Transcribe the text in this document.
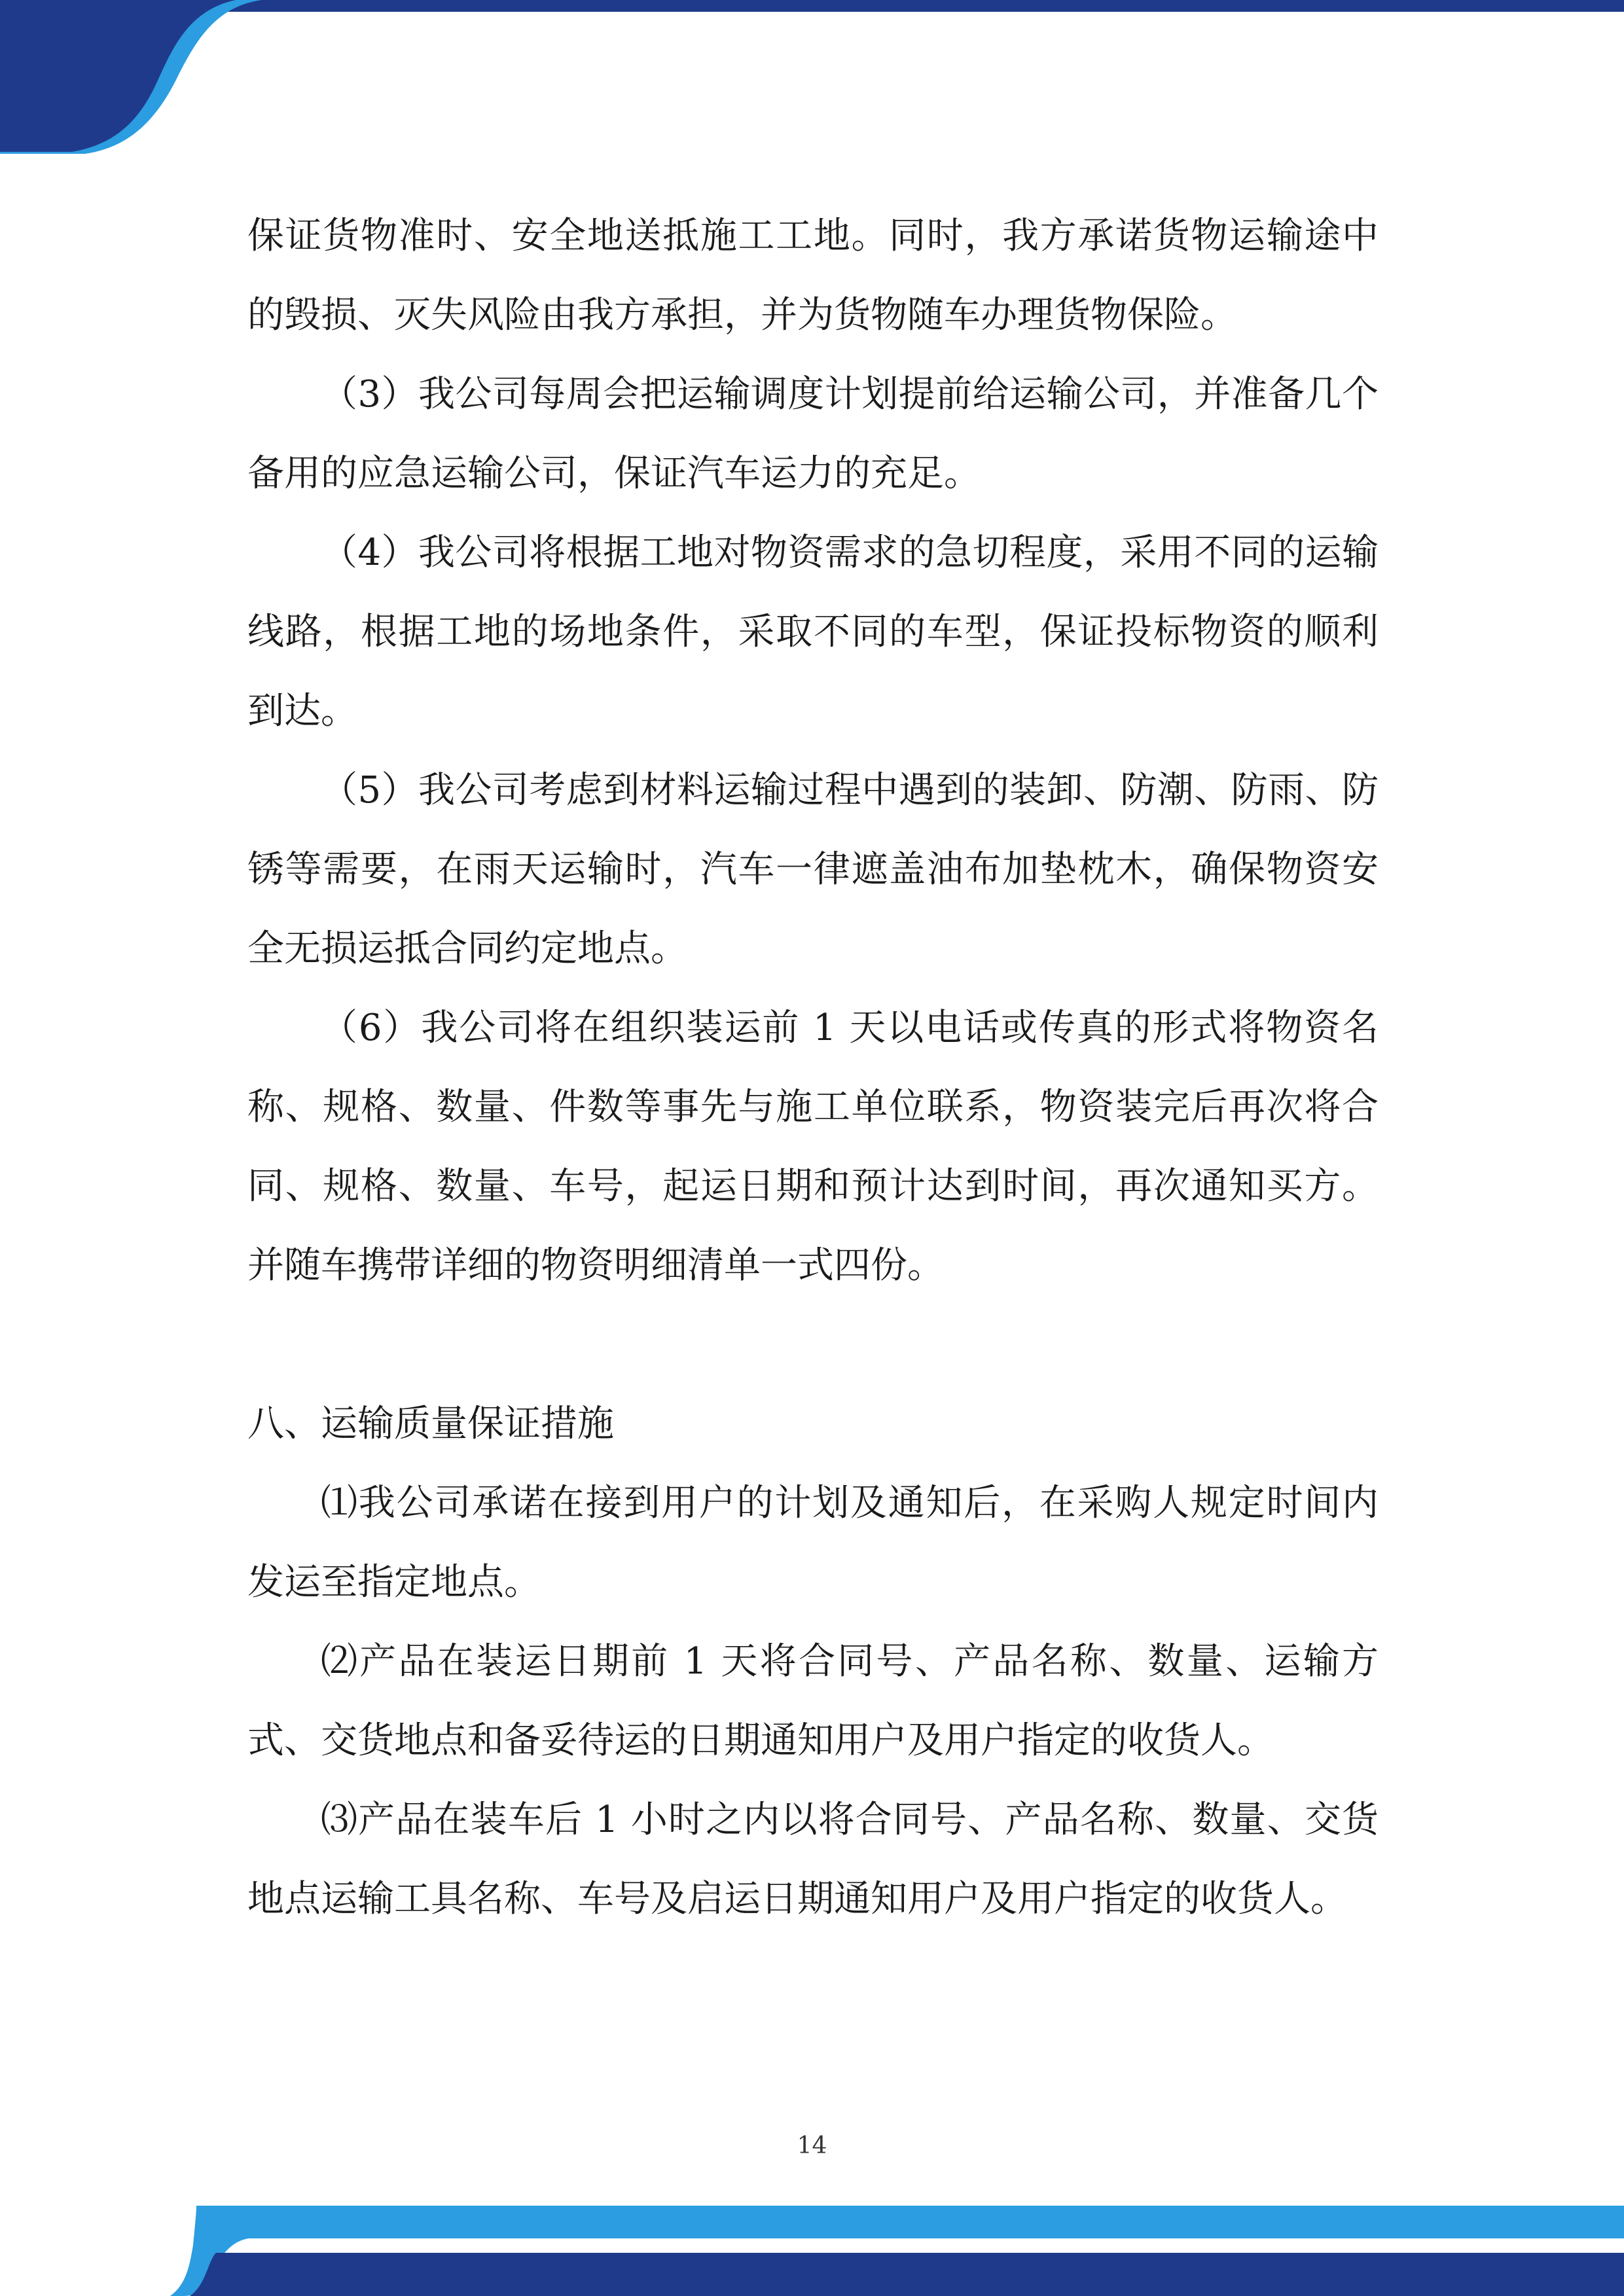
保证货物准时、安全地送抵施工工地。同时，我方承诺货物运输途中的毁损、灭失风险由我方承担，并为货物随车办理货物保险。

（3）我公司每周会把运输调度计划提前给运输公司，并准备几个备用的应急运输公司，保证汽车运力的充足。

（4）我公司将根据工地对物资需求的急切程度，采用不同的运输线路，根据工地的场地条件，采取不同的车型，保证投标物资的顺利到达。

（5）我公司考虑到材料运输过程中遇到的装卸、防潮、防雨、防锈等需要，在雨天运输时，汽车一律遮盖油布加垫枕木，确保物资安全无损运抵合同约定地点。

（6）我公司将在组织装运前 1 天以电话或传真的形式将物资名称、规格、数量、件数等事先与施工单位联系，物资装完后再次将合同、规格、数量、车号，起运日期和预计达到时间，再次通知买方。并随车携带详细的物资明细清单一式四份。

八、运输质量保证措施

⑴我公司承诺在接到用户的计划及通知后，在采购人规定时间内发运至指定地点。

⑵产品在装运日期前 1 天将合同号、产品名称、数量、运输方式、交货地点和备妥待运的日期通知用户及用户指定的收货人。

⑶产品在装车后 1 小时之内以将合同号、产品名称、数量、交货地点运输工具名称、车号及启运日期通知用户及用户指定的收货人。

14
